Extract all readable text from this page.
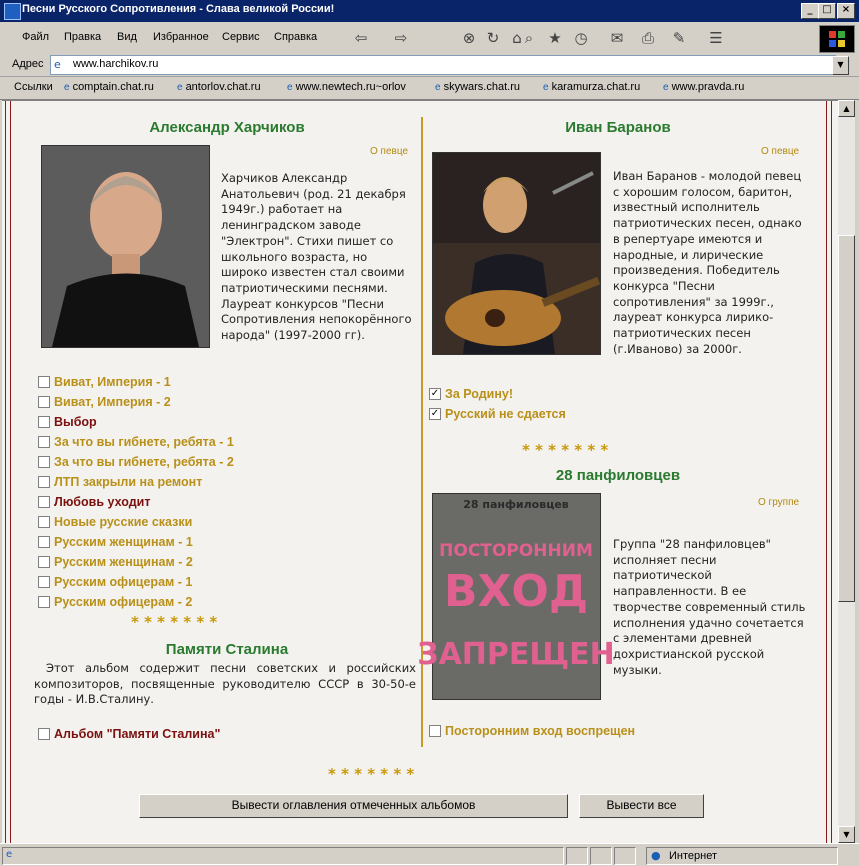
Песни Русского Сопротивления - Слава великой России!	_ □	×
Файл Правка Вид Избранное Сервис Справка	⇦	⇨	⊗ ↻ ⌂ ⌕	★ ◷	✉	⎙	✎	☰
Адрес e www.harchikov.ru	▼
Ссылки e comptain.chat.ru e antorlov.chat.ru	e www.newtech.ru~orlov	e skywars.chat.ru e karamurza.chat.ru e www.pravda.ru
Александр Харчиков
О певце
Харчиков Александр Анатольевич (род. 21 декабря 1949г.) работает на ленинградском заводе "Электрон". Стихи пишет со школьного возраста, но широко известен стал своими патриотическими песнями. Лауреат конкурсов "Песни Сопротивления непокорённого народа" (1997-2000 гг).
Виват, Империя - 1
Виват, Империя - 2
Выбор
За что вы гибнете, ребята - 1
За что вы гибнете, ребята - 2
ЛТП закрыли на ремонт
Любовь уходит
Новые русские сказки
Русским женщинам - 1
Русским женщинам - 2
Русским офицерам - 1
Русским офицерам - 2
* * * * * * *
Памяти Сталина
Этот альбом содержит песни советских и российских композиторов, посвященные руководителю СССР в 30-50-е годы - И.В.Сталину.
Альбом "Памяти Сталина"
Иван Баранов
О певце
Иван Баранов - молодой певец с хорошим голосом, баритон, известный исполнитель патриотических песен, однако в репертуаре имеются и народные, и лирические произведения. Победитель конкурса "Песни сопротивления" за 1999г., лауреат конкурса лирико-патриотических песен (г.Иваново) за 2000г.
✓ За Родину!
✓ Русский не сдается
* * * * * * *
28 панфиловцев
О группе
28 панфиловцев
ПОСТОРОННИМ
ВХОД
ЗАПРЕЩЕН
Группа "28 панфиловцев" исполняет песни патриотической направленности. В ее творчестве современный стиль исполнения удачно сочетается с элементами древней дохристианской русской музыки.
Посторонним вход воспрещен
* * * * * * *
Вывести оглавления отмеченных альбомов	Вывести все
▲
▼
e	● Интернет
